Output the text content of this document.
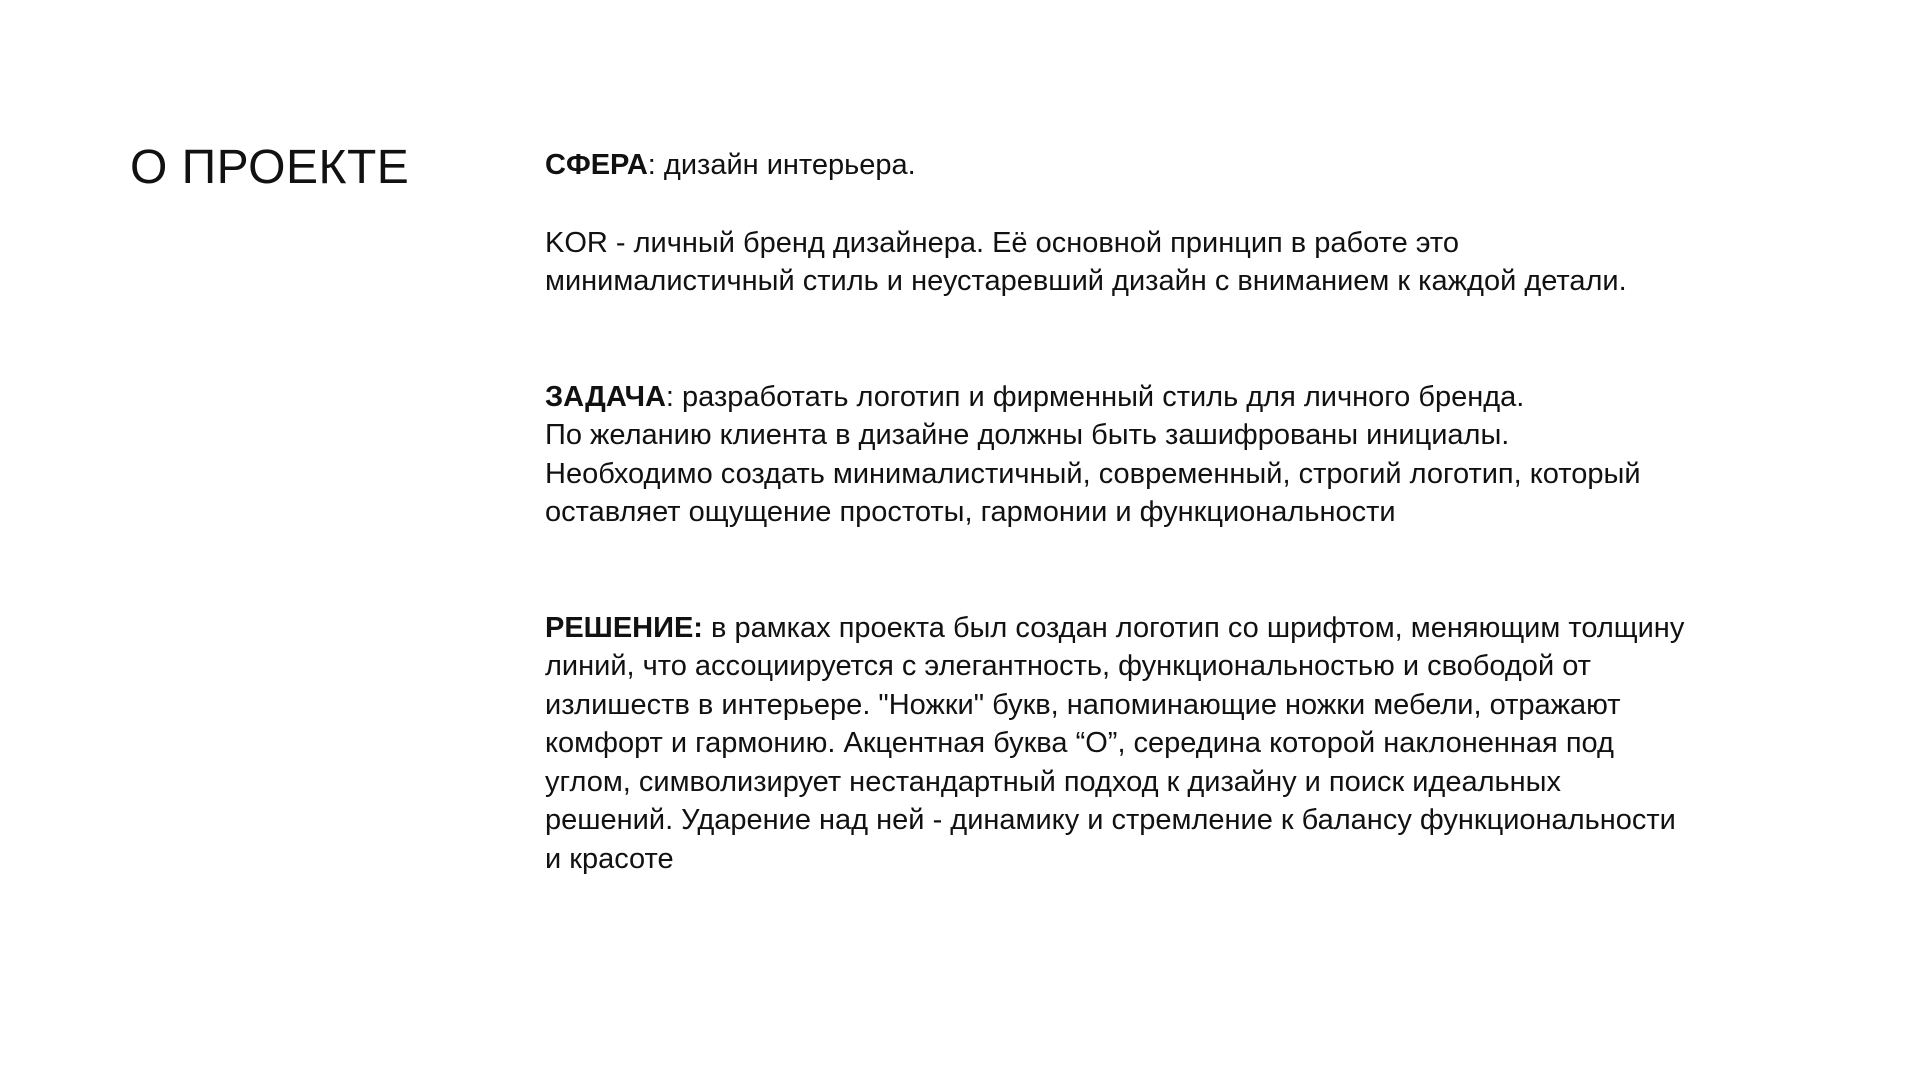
О ПРОЕКТЕ	СФЕРА: дизайн интерьера.

KOR - личный бренд дизайнера. Её основной принцип в работе это
минималистичный стиль и неустаревший дизайн с вниманием к каждой детали.

ЗАДАЧА: разработать логотип и фирменный стиль для личного бренда.
По желанию клиента в дизайне должны быть зашифрованы инициалы.
Необходимо создать минималистичный, современный, строгий логотип, который
оставляет ощущение простоты, гармонии и функциональности

РЕШЕНИЕ: в рамках проекта был создан логотип со шрифтом, меняющим толщину
линий, что ассоциируется с элегантность, функциональностью и свободой от
излишеств в интерьере. "Ножки" букв, напоминающие ножки мебели, отражают
комфорт и гармонию. Акцентная буква “О”, середина которой наклоненная под
углом, символизирует нестандартный подход к дизайну и поиск идеальных
решений. Ударение над ней - динамику и стремление к балансу функциональности
и красоте
